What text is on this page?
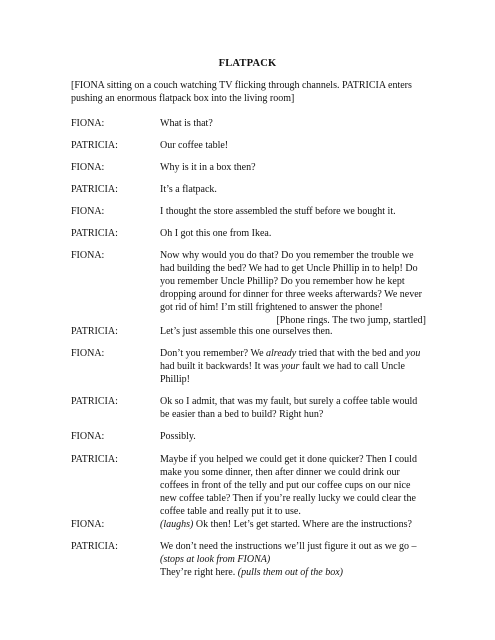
FLATPACK
[FIONA sitting on a couch watching TV flicking through channels. PATRICIA enters pushing an enormous flatpack box into the living room]
FIONA:	What is that?
PATRICIA:	Our coffee table!
FIONA:	Why is it in a box then?
PATRICIA:	It’s a flatpack.
FIONA:	I thought the store assembled the stuff before we bought it.
PATRICIA:	Oh I got this one from Ikea.
FIONA:	Now why would you do that? Do you remember the trouble we had building the bed? We had to get Uncle Phillip in to help! Do you remember Uncle Phillip? Do you remember how he kept dropping around for dinner for three weeks afterwards? We never got rid of him! I’m still frightened to answer the phone!
[Phone rings. The two jump, startled]
PATRICIA:	Let’s just assemble this one ourselves then.
FIONA:	Don’t you remember? We already tried that with the bed and you had built it backwards! It was your fault we had to call Uncle Phillip!
PATRICIA:	Ok so I admit, that was my fault, but surely a coffee table would be easier than a bed to build? Right hun?
FIONA:	Possibly.
PATRICIA:	Maybe if you helped we could get it done quicker? Then I could make you some dinner, then after dinner we could drink our coffees in front of the telly and put our coffee cups on our nice new coffee table? Then if you’re really lucky we could clear the coffee table and really put it to use.
FIONA:	(laughs) Ok then! Let’s get started. Where are the instructions?
PATRICIA:	We don’t need the instructions we’ll just figure it out as we go – (stops at look from FIONA)
They’re right here. (pulls them out of the box)
